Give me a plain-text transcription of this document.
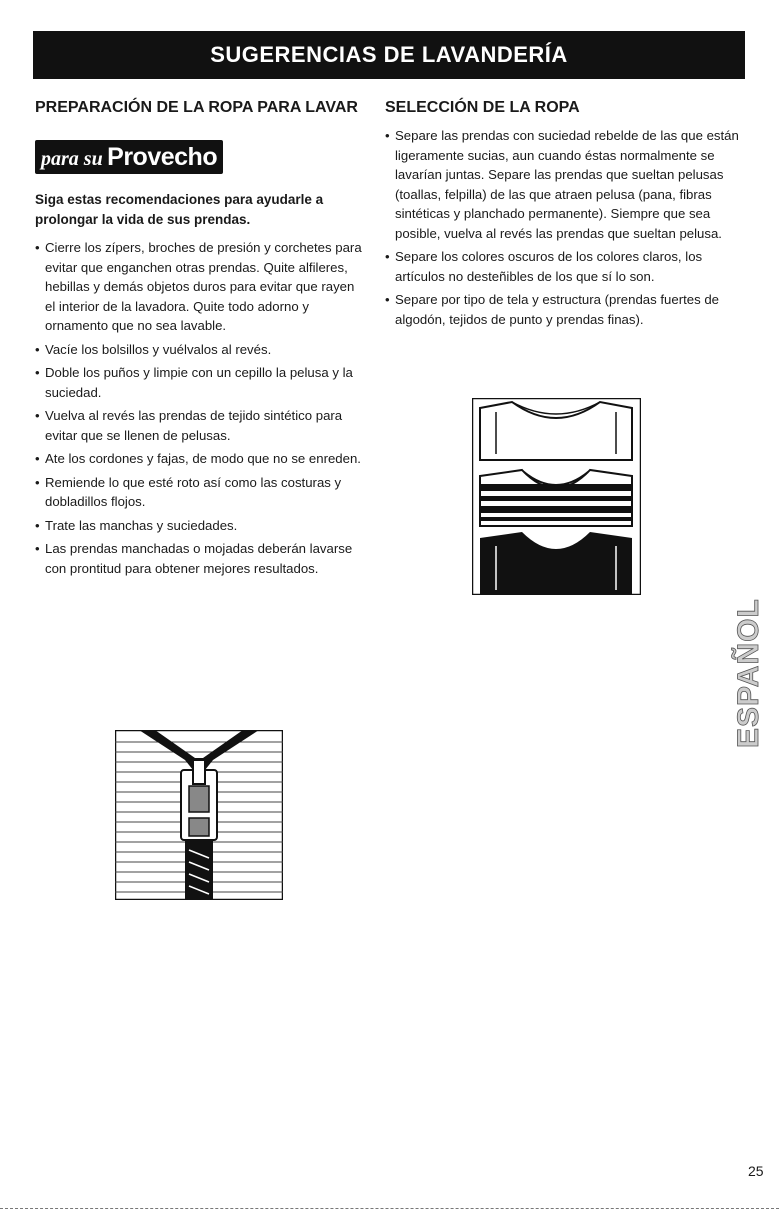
SUGERENCIAS DE LAVANDERÍA
PREPARACIÓN DE LA ROPA PARA LAVAR
para su Provecho
Siga estas recomendaciones para ayudarle a prolongar la vida de sus prendas.
• Cierre los zípers, broches de presión y corchetes para evitar que enganchen otras prendas. Quite alfileres, hebillas y demás objetos duros para evitar que rayen el interior de la lavadora. Quite todo adorno y ornamento que no sea lavable.
• Vacíe los bolsillos y vuélvalos al revés.
• Doble los puños y limpie con un cepillo la pelusa y la suciedad.
• Vuelva al revés las prendas de tejido sintético para evitar que se llenen de pelusas.
• Ate los cordones y fajas, de modo que no se enreden.
• Remiende lo que esté roto así como las costuras y dobladillos flojos.
• Trate las manchas y suciedades.
• Las prendas manchadas o mojadas deberán lavarse con prontitud para obtener mejores resultados.
SELECCIÓN DE LA ROPA
• Separe las prendas con suciedad rebelde de las que están ligeramente sucias, aun cuando éstas normalmente se lavarían juntas. Separe las prendas que sueltan pelusas (toallas, felpilla) de las que atraen pelusa (pana, fibras sintéticas y planchado permanente). Siempre que sea posible, vuelva al revés las prendas que sueltan pelusa.
• Separe los colores oscuros de los colores claros, los artículos no desteñibles de los que sí lo son.
• Separe por tipo de tela y estructura (prendas fuertes de algodón, tejidos de punto y prendas finas).
ESPAÑOL
25
